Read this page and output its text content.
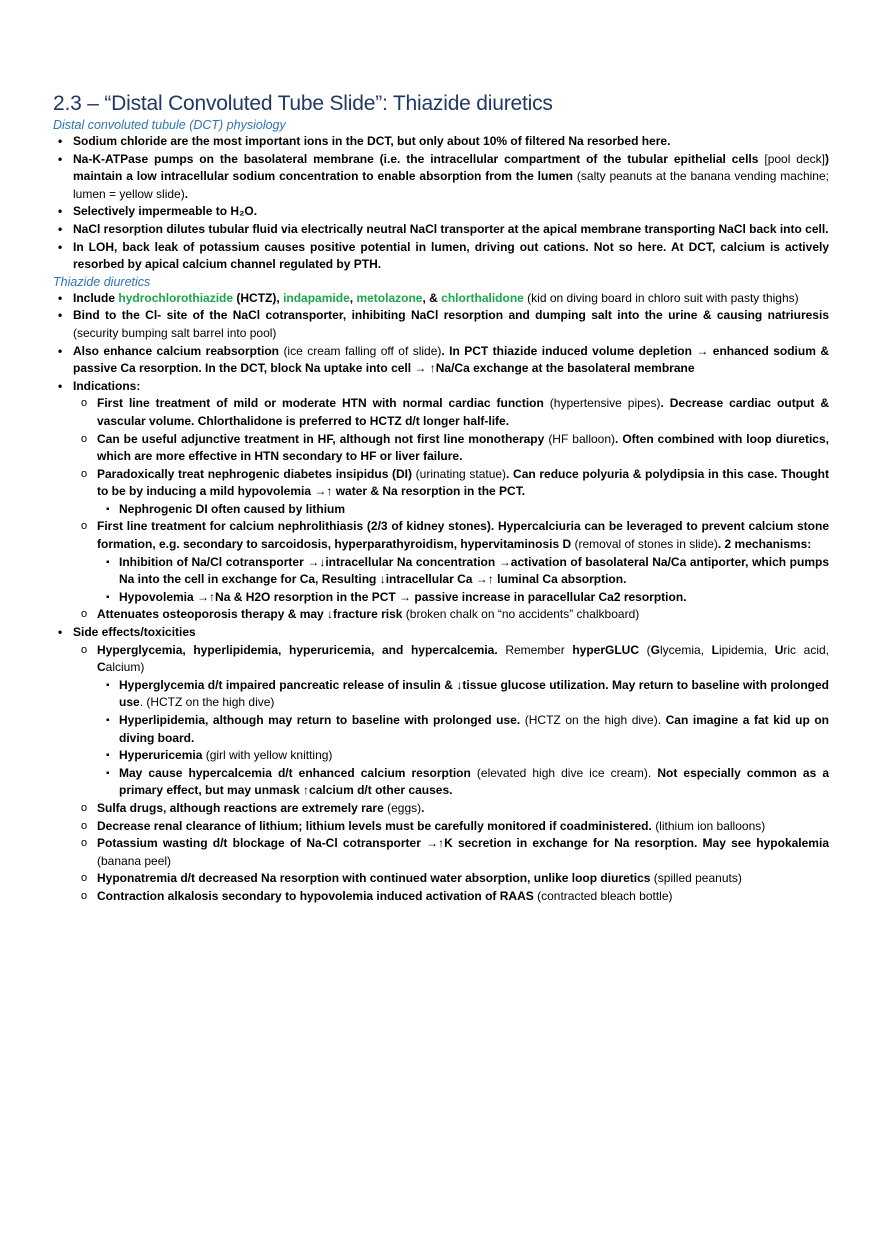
2.3 – “Distal Convoluted Tube Slide”: Thiazide diuretics
Distal convoluted tubule (DCT) physiology
• Sodium chloride are the most important ions in the DCT, but only about 10% of filtered Na resorbed here.
• Na-K-ATPase pumps on the basolateral membrane (i.e. the intracellular compartment of the tubular epithelial cells [pool deck]) maintain a low intracellular sodium concentration to enable absorption from the lumen (salty peanuts at the banana vending machine; lumen = yellow slide).
• Selectively impermeable to H₂O.
• NaCl resorption dilutes tubular fluid via electrically neutral NaCl transporter at the apical membrane transporting NaCl back into cell.
• In LOH, back leak of potassium causes positive potential in lumen, driving out cations. Not so here. At DCT, calcium is actively resorbed by apical calcium channel regulated by PTH.
Thiazide diuretics
• Include hydrochlorothiazide (HCTZ), indapamide, metolazone, & chlorthalidone (kid on diving board in chloro suit with pasty thighs)
• Bind to the Cl- site of the NaCl cotransporter, inhibiting NaCl resorption and dumping salt into the urine & causing natriuresis (security bumping salt barrel into pool)
• Also enhance calcium reabsorption (ice cream falling off of slide). In PCT thiazide induced volume depletion → enhanced sodium & passive Ca resorption. In the DCT, block Na uptake into cell → ↑Na/Ca exchange at the basolateral membrane
• Indications:
o First line treatment of mild or moderate HTN with normal cardiac function (hypertensive pipes). Decrease cardiac output & vascular volume. Chlorthalidone is preferred to HCTZ d/t longer half-life.
o Can be useful adjunctive treatment in HF, although not first line monotherapy (HF balloon). Often combined with loop diuretics, which are more effective in HTN secondary to HF or liver failure.
o Paradoxically treat nephrogenic diabetes insipidus (DI) (urinating statue). Can reduce polyuria & polydipsia in this case. Thought to be by inducing a mild hypovolemia →↑ water & Na resorption in the PCT.
▪ Nephrogenic DI often caused by lithium
o First line treatment for calcium nephrolithiasis (2/3 of kidney stones). Hypercalciuria can be leveraged to prevent calcium stone formation, e.g. secondary to sarcoidosis, hyperparathyroidism, hypervitaminosis D (removal of stones in slide). 2 mechanisms:
▪ Inhibition of Na/Cl cotransporter →↓intracellular Na concentration →activation of basolateral Na/Ca antiporter, which pumps Na into the cell in exchange for Ca, Resulting ↓intracellular Ca →↑ luminal Ca absorption.
▪ Hypovolemia →↑Na & H2O resorption in the PCT → passive increase in paracellular Ca2 resorption.
o Attenuates osteoporosis therapy & may ↓fracture risk (broken chalk on “no accidents” chalkboard)
• Side effects/toxicities
o Hyperglycemia, hyperlipidemia, hyperuricemia, and hypercalcemia. Remember hyperGLUC (Glycemia, Lipidemia, Uric acid, Calcium)
▪ Hyperglycemia d/t impaired pancreatic release of insulin & ↓tissue glucose utilization. May return to baseline with prolonged use. (HCTZ on the high dive)
▪ Hyperlipidemia, although may return to baseline with prolonged use. (HCTZ on the high dive). Can imagine a fat kid up on diving board.
▪ Hyperuricemia (girl with yellow knitting)
▪ May cause hypercalcemia d/t enhanced calcium resorption (elevated high dive ice cream). Not especially common as a primary effect, but may unmask ↑calcium d/t other causes.
o Sulfa drugs, although reactions are extremely rare (eggs).
o Decrease renal clearance of lithium; lithium levels must be carefully monitored if coadministered. (lithium ion balloons)
o Potassium wasting d/t blockage of Na-Cl cotransporter →↑K secretion in exchange for Na resorption. May see hypokalemia (banana peel)
o Hyponatremia d/t decreased Na resorption with continued water absorption, unlike loop diuretics (spilled peanuts)
o Contraction alkalosis secondary to hypovolemia induced activation of RAAS (contracted bleach bottle)
